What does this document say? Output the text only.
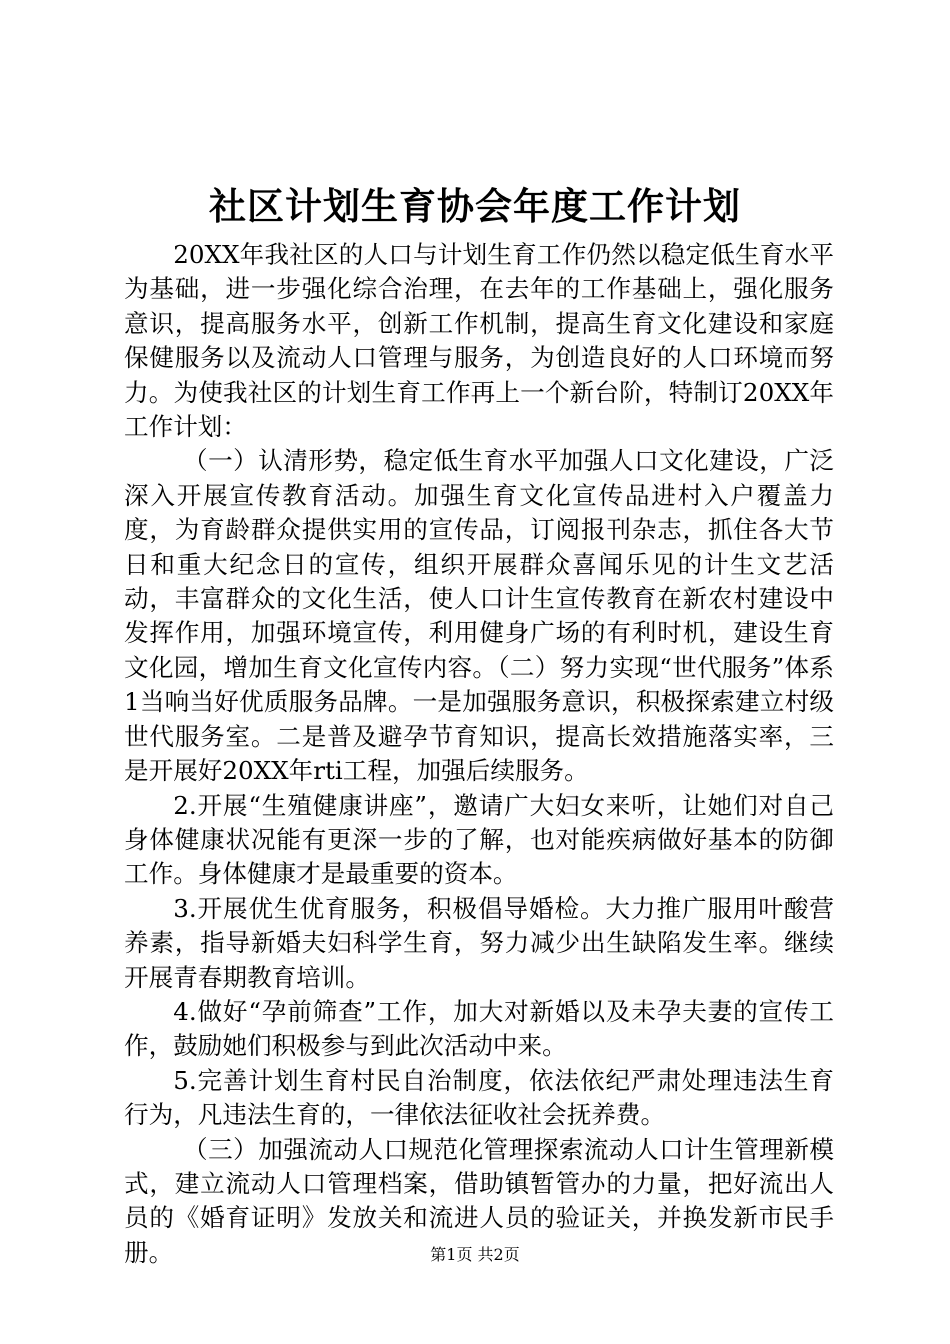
社区计划生育协会年度工作计划

20XX年我社区的人口与计划生育工作仍然以稳定低生育水平为基础，进一步强化综合治理，在去年的工作基础上，强化服务意识，提高服务水平，创新工作机制，提高生育文化建设和家庭保健服务以及流动人口管理与服务，为创造良好的人口环境而努力。为使我社区的计划生育工作再上一个新台阶，特制订20XX年工作计划：

（一）认清形势，稳定低生育水平加强人口文化建设，广泛深入开展宣传教育活动。加强生育文化宣传品进村入户覆盖力度，为育龄群众提供实用的宣传品，订阅报刊杂志，抓住各大节日和重大纪念日的宣传，组织开展群众喜闻乐见的计生文艺活动，丰富群众的文化生活，使人口计生宣传教育在新农村建设中发挥作用，加强环境宣传，利用健身广场的有利时机，建设生育文化园，增加生育文化宣传内容。（二）努力实现“世代服务”体系1当响当好优质服务品牌。一是加强服务意识，积极探索建立村级世代服务室。二是普及避孕节育知识，提高长效措施落实率，三是开展好20XX年rti工程，加强后续服务。

2.开展“生殖健康讲座”，邀请广大妇女来听，让她们对自己身体健康状况能有更深一步的了解，也对能疾病做好基本的防御工作。身体健康才是最重要的资本。

3.开展优生优育服务，积极倡导婚检。大力推广服用叶酸营养素，指导新婚夫妇科学生育，努力减少出生缺陷发生率。继续开展青春期教育培训。

4.做好“孕前筛查”工作，加大对新婚以及未孕夫妻的宣传工作，鼓励她们积极参与到此次活动中来。

5.完善计划生育村民自治制度，依法依纪严肃处理违法生育行为，凡违法生育的，一律依法征收社会抚养费。

（三）加强流动人口规范化管理探索流动人口计生管理新模式，建立流动人口管理档案，借助镇暂管办的力量，把好流出人员的《婚育证明》发放关和流进人员的验证关，并换发新市民手册。	第1页 共2页
